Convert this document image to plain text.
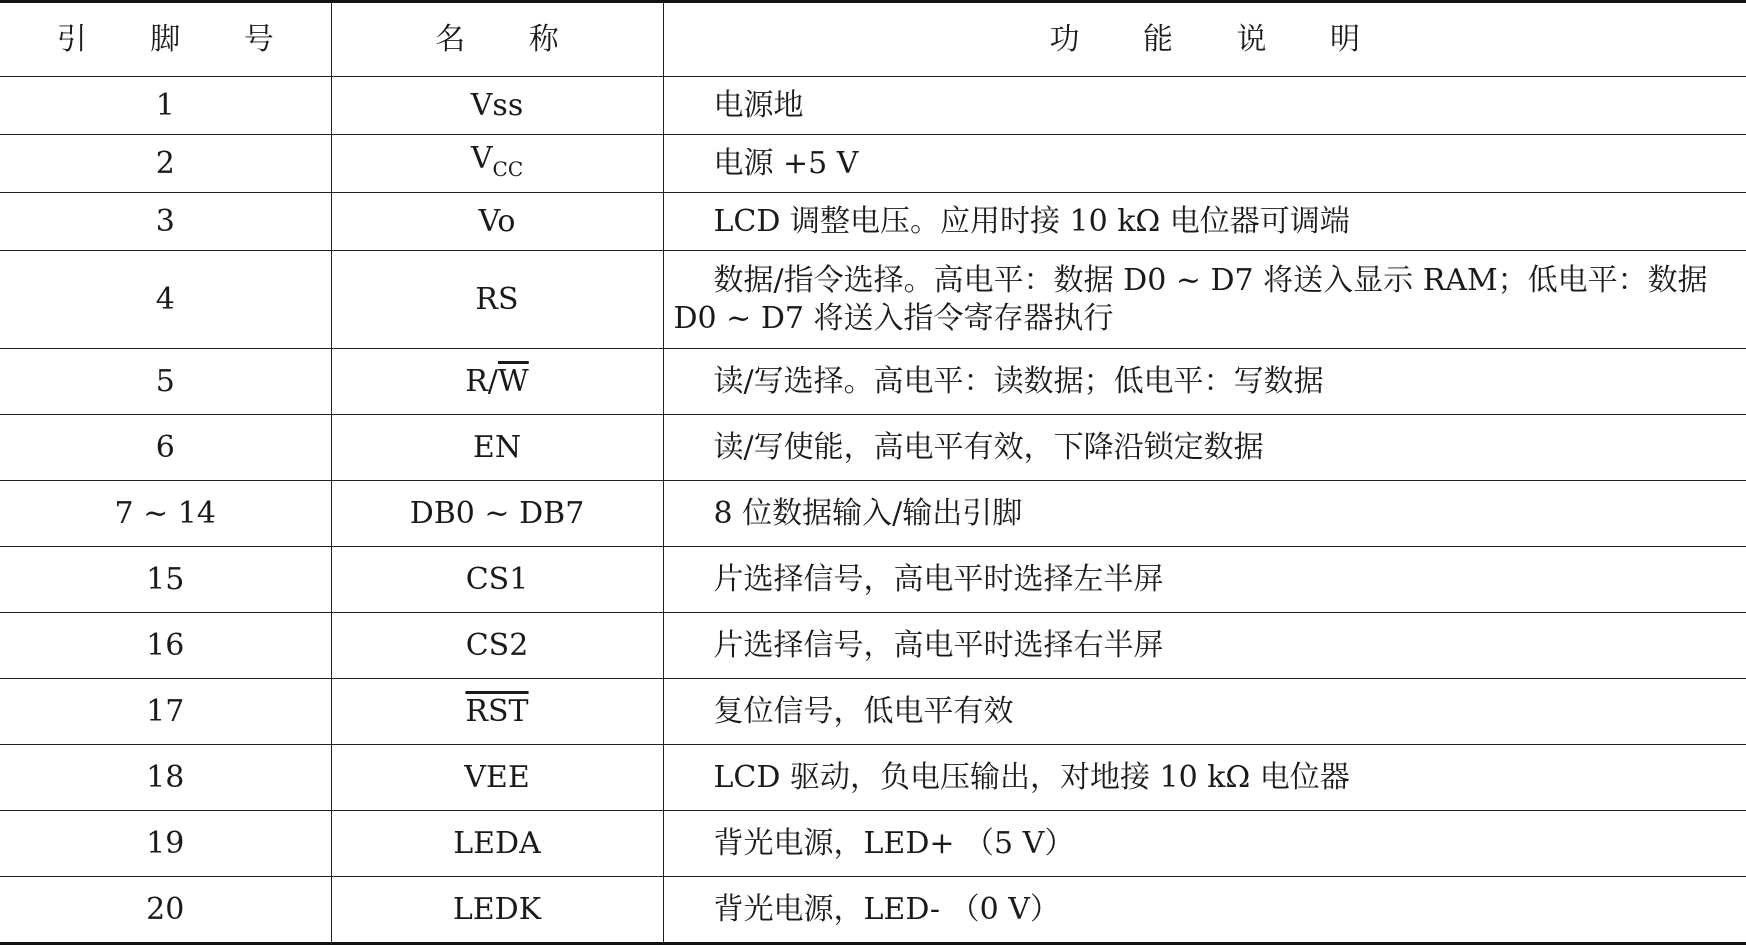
引 脚 号	名 称	功 能 说 明
1	Vss	电源地
2	$V_{CC}$	电源 +5 V
3	Vo	LCD 调整电压。应用时接 10 kΩ 电位器可调端
4	RS	数据/指令选择。高电平：数据 D0 ~ D7 将送入显示 RAM；低电平：数据 D0 ~ D7 将送入指令寄存器执行
5	$R/\overline{W}$	读/写选择。高电平：读数据；低电平：写数据
6	EN	读/写使能，高电平有效，下降沿锁定数据
7 ~ 14	DB0 ~ DB7	8 位数据输入/输出引脚
15	CS1	片选择信号，高电平时选择左半屏
16	CS2	片选择信号，高电平时选择右半屏
17	$\overline{RST}$	复位信号，低电平有效
18	VEE	LCD 驱动，负电压输出，对地接 10 kΩ 电位器
19	LEDA	背光电源，LED+ （5 V）
20	LEDK	背光电源，LED- （0 V）
